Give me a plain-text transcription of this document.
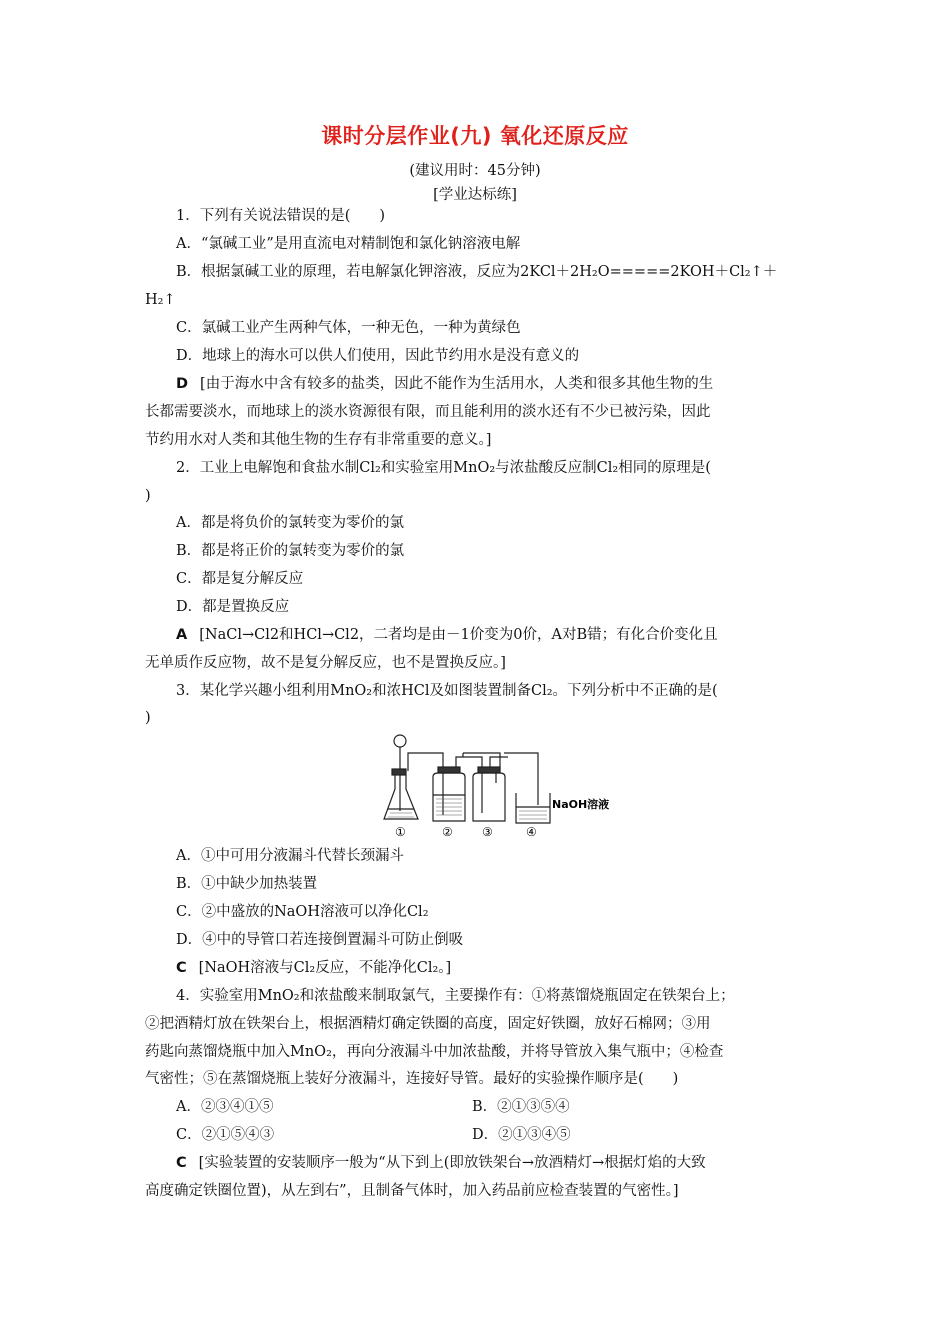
课时分层作业(九) 氧化还原反应
(建议用时：45分钟)
[学业达标练]
1．下列有关说法错误的是(　　)
A．“氯碱工业”是用直流电对精制饱和氯化钠溶液电解
B．根据氯碱工业的原理，若电解氯化钾溶液，反应为2KCl＋2H₂O=====2KOH＋Cl₂↑＋
H₂↑
C．氯碱工业产生两种气体，一种无色，一种为黄绿色
D．地球上的海水可以供人们使用，因此节约用水是没有意义的
D [由于海水中含有较多的盐类，因此不能作为生活用水，人类和很多其他生物的生
长都需要淡水，而地球上的淡水资源很有限，而且能利用的淡水还有不少已被污染，因此
节约用水对人类和其他生物的生存有非常重要的意义。]
2．工业上电解饱和食盐水制Cl₂和实验室用MnO₂与浓盐酸反应制Cl₂相同的原理是(
)
A．都是将负价的氯转变为零价的氯
B．都是将正价的氯转变为零价的氯
C．都是复分解反应
D．都是置换反应
A [NaCl→Cl2和HCl→Cl2，二者均是由－1价变为0价，A对B错；有化合价变化且
无单质作反应物，故不是复分解反应，也不是置换反应。]
3．某化学兴趣小组利用MnO₂和浓HCl及如图装置制备Cl₂。下列分析中不正确的是(
)
NaOH溶液
①	② ③	④
A．①中可用分液漏斗代替长颈漏斗
B．①中缺少加热装置
C．②中盛放的NaOH溶液可以净化Cl₂
D．④中的导管口若连接倒置漏斗可防止倒吸
C [NaOH溶液与Cl₂反应，不能净化Cl₂。]
4．实验室用MnO₂和浓盐酸来制取氯气，主要操作有：①将蒸馏烧瓶固定在铁架台上；
②把酒精灯放在铁架台上，根据酒精灯确定铁圈的高度，固定好铁圈，放好石棉网；③用
药匙向蒸馏烧瓶中加入MnO₂，再向分液漏斗中加浓盐酸，并将导管放入集气瓶中；④检查
气密性；⑤在蒸馏烧瓶上装好分液漏斗，连接好导管。最好的实验操作顺序是(　　)
A．②③④①⑤	B．②①③⑤④
C．②①⑤④③	D．②①③④⑤
C [实验装置的安装顺序一般为“从下到上(即放铁架台→放酒精灯→根据灯焰的大致
高度确定铁圈位置)，从左到右”，且制备气体时，加入药品前应检查装置的气密性。]
